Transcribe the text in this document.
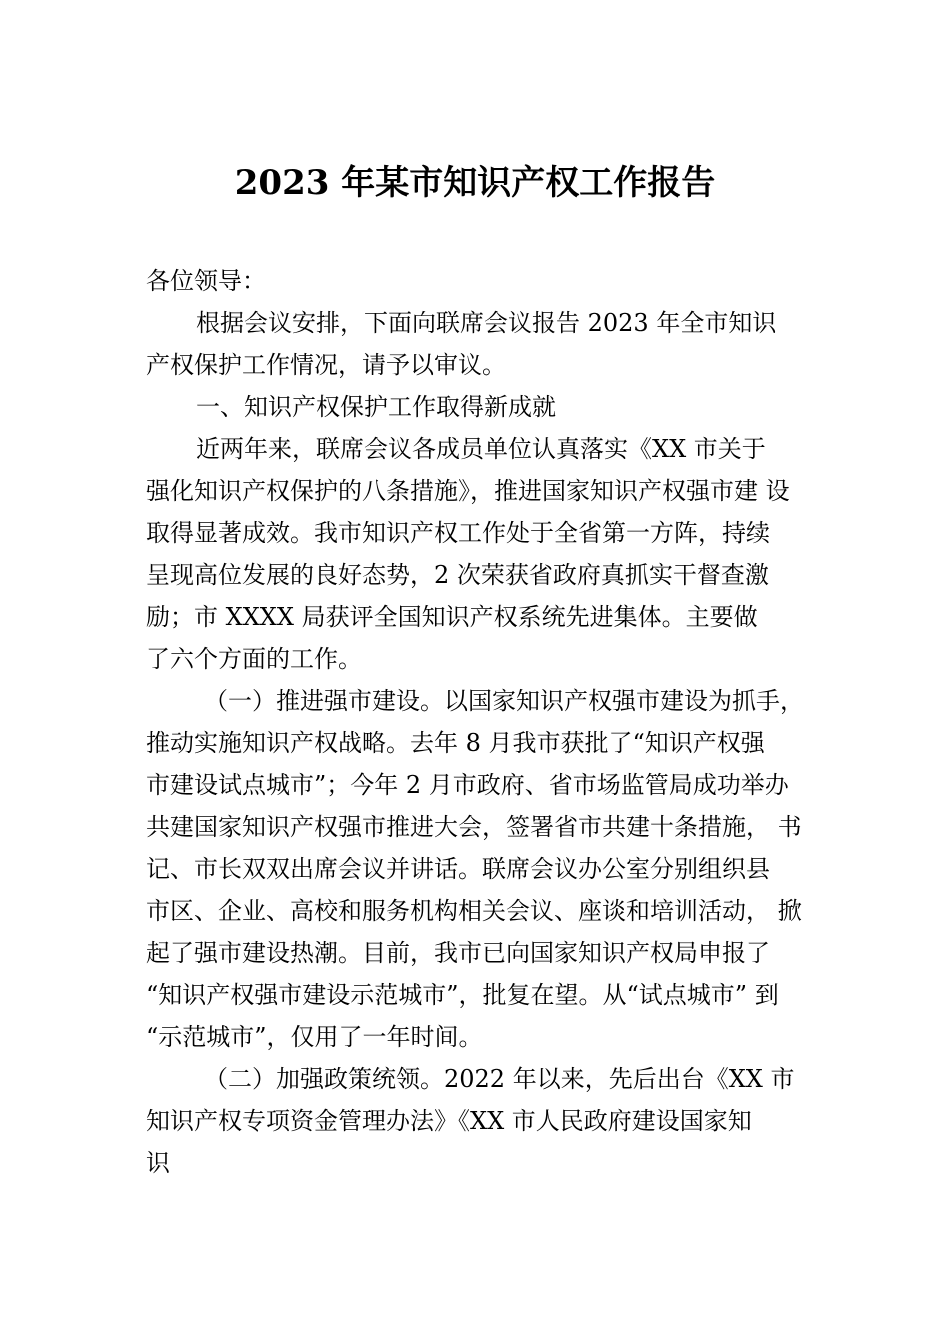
2023 年某市知识产权工作报告
各位领导：
根据会议安排，下面向联席会议报告 2023 年全市知识
产权保护工作情况，请予以审议。
一、知识产权保护工作取得新成就
近两年来，联席会议各成员单位认真落实《XX 市关于
强化知识产权保护的八条措施》，推进国家知识产权强市建 设
取得显著成效。我市知识产权工作处于全省第一方阵，持续
呈现高位发展的良好态势，2 次荣获省政府真抓实干督查激
励；市 XXXX 局获评全国知识产权系统先进集体。主要做
了六个方面的工作。
（一）推进强市建设。以国家知识产权强市建设为抓手，
推动实施知识产权战略。去年 8 月我市获批了“知识产权强
市建设试点城市”；今年 2 月市政府、省市场监管局成功举办
共建国家知识产权强市推进大会，签署省市共建十条措施， 书
记、市长双双出席会议并讲话。联席会议办公室分别组织县
市区、企业、高校和服务机构相关会议、座谈和培训活动， 掀
起了强市建设热潮。目前，我市已向国家知识产权局申报了
“知识产权强市建设示范城市”，批复在望。从“试点城市” 到
“示范城市”，仅用了一年时间。
（二）加强政策统领。2022 年以来，先后出台《XX 市
知识产权专项资金管理办法》《XX 市人民政府建设国家知
识
